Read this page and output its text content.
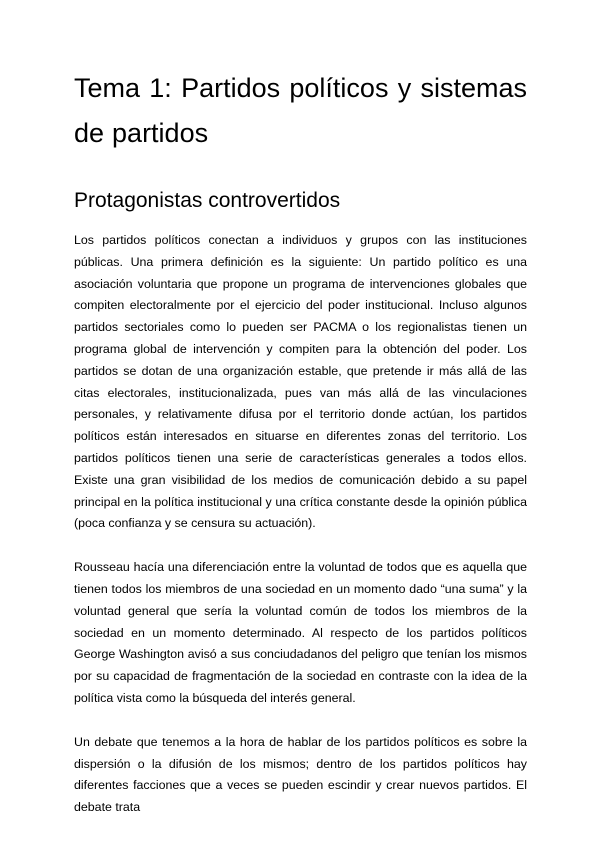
Tema 1: Partidos políticos y sistemas de partidos
Protagonistas controvertidos

Los partidos políticos conectan a individuos y grupos con las instituciones públicas. Una primera definición es la siguiente: Un partido político es una asociación voluntaria que propone un programa de intervenciones globales que compiten electoralmente por el ejercicio del poder institucional. Incluso algunos partidos sectoriales como lo pueden ser PACMA o los regionalistas tienen un programa global de intervención y compiten para la obtención del poder. Los partidos se dotan de una organización estable, que pretende ir más allá de las citas electorales, institucionalizada, pues van más allá de las vinculaciones personales, y relativamente difusa por el territorio donde actúan, los partidos políticos están interesados en situarse en diferentes zonas del territorio. Los partidos políticos tienen una serie de características generales a todos ellos. Existe una gran visibilidad de los medios de comunicación debido a su papel principal en la política institucional y una crítica constante desde la opinión pública (poca confianza y se censura su actuación).

Rousseau hacía una diferenciación entre la voluntad de todos que es aquella que tienen todos los miembros de una sociedad en un momento dado “una suma” y la voluntad general que sería la voluntad común de todos los miembros de la sociedad en un momento determinado. Al respecto de los partidos políticos George Washington avisó a sus conciudadanos del peligro que tenían los mismos por su capacidad de fragmentación de la sociedad en contraste con la idea de la política vista como la búsqueda del interés general.

Un debate que tenemos a la hora de hablar de los partidos políticos es sobre la dispersión o la difusión de los mismos; dentro de los partidos políticos hay diferentes facciones que a veces se pueden escindir y crear nuevos partidos. El debate trata
